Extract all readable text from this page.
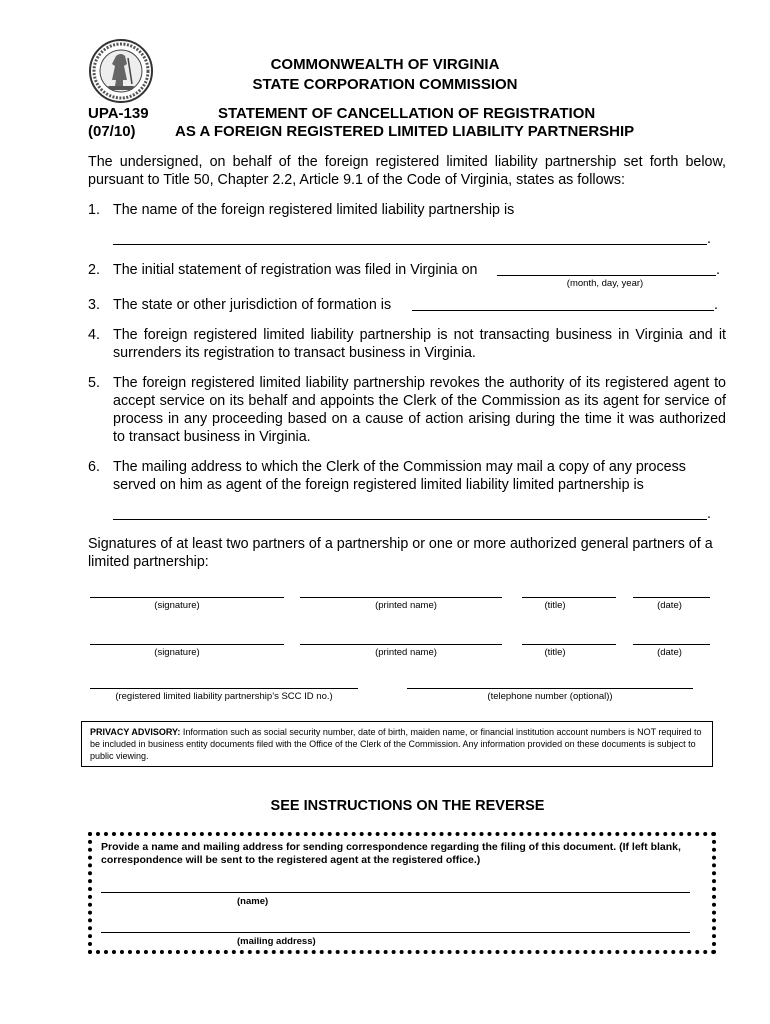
COMMONWEALTH OF VIRGINIA
STATE CORPORATION COMMISSION
UPA-139
(07/10)
STATEMENT OF CANCELLATION OF REGISTRATION
AS A FOREIGN REGISTERED LIMITED LIABILITY PARTNERSHIP
The undersigned, on behalf of the foreign registered limited liability partnership set forth below, pursuant to Title 50, Chapter 2.2, Article 9.1 of the Code of Virginia, states as follows:
1. The name of the foreign registered limited liability partnership is
.
2. The initial statement of registration was filed in Virginia on	.
(month, day, year)
3. The state or other jurisdiction of formation is	.
4. The foreign registered limited liability partnership is not transacting business in Virginia and it surrenders its registration to transact business in Virginia.
5. The foreign registered limited liability partnership revokes the authority of its registered agent to accept service on its behalf and appoints the Clerk of the Commission as its agent for service of process in any proceeding based on a cause of action arising during the time it was authorized to transact business in Virginia.
6. The mailing address to which the Clerk of the Commission may mail a copy of any process served on him as agent of the foreign registered limited liability limited partnership is
.
Signatures of at least two partners of a partnership or one or more authorized general partners of a limited partnership:
(signature)	(printed name)	(title)	(date)
(signature)	(printed name)	(title)	(date)
(registered limited liability partnership’s SCC ID no.)	(telephone number (optional))
PRIVACY ADVISORY: Information such as social security number, date of birth, maiden name, or financial institution account numbers is NOT required to be included in business entity documents filed with the Office of the Clerk of the Commission. Any information provided on these documents is subject to public viewing.
SEE INSTRUCTIONS ON THE REVERSE
Provide a name and mailing address for sending correspondence regarding the filing of this document. (If left blank, correspondence will be sent to the registered agent at the registered office.)
(name)
(mailing address)
